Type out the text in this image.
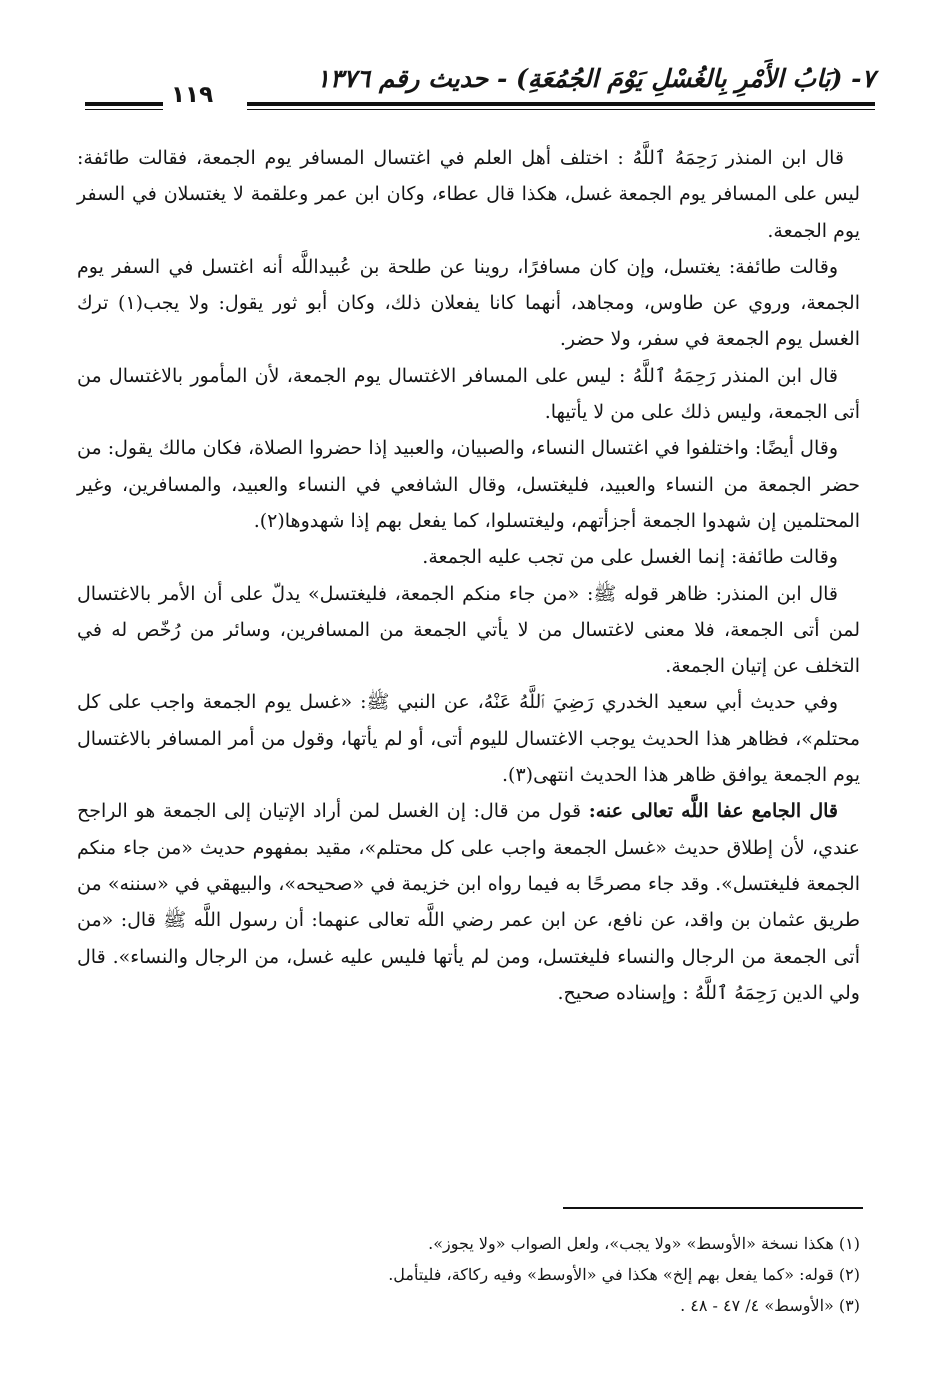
٧- (بَابُ الأَمْرِ بِالغُسْلِ يَوْمَ الجُمُعَةِ) - حديث رقم ١٣٧٦
١١٩

قال ابن المنذر رَحِمَهُ ٱللَّهُ : اختلف أهل العلم في اغتسال المسافر يوم الجمعة، فقالت طائفة: ليس على المسافر يوم الجمعة غسل، هكذا قال عطاء، وكان ابن عمر وعلقمة لا يغتسلان في السفر يوم الجمعة.

وقالت طائفة: يغتسل، وإن كان مسافرًا، روينا عن طلحة بن عُبيداللَّه أنه اغتسل في السفر يوم الجمعة، وروي عن طاوس، ومجاهد، أنهما كانا يفعلان ذلك، وكان أبو ثور يقول: ولا يجب(١) ترك الغسل يوم الجمعة في سفر، ولا حضر.

قال ابن المنذر رَحِمَهُ ٱللَّهُ : ليس على المسافر الاغتسال يوم الجمعة، لأن المأمور بالاغتسال من أتى الجمعة، وليس ذلك على من لا يأتيها.

وقال أيضًا: واختلفوا في اغتسال النساء، والصبيان، والعبيد إذا حضروا الصلاة، فكان مالك يقول: من حضر الجمعة من النساء والعبيد، فليغتسل، وقال الشافعي في النساء والعبيد، والمسافرين، وغير المحتلمين إن شهدوا الجمعة أجزأتهم، وليغتسلوا، كما يفعل بهم إذا شهدوها(٢).

وقالت طائفة: إنما الغسل على من تجب عليه الجمعة.

قال ابن المنذر: ظاهر قوله ﷺ: «من جاء منكم الجمعة، فليغتسل» يدلّ على أن الأمر بالاغتسال لمن أتى الجمعة، فلا معنى لاغتسال من لا يأتي الجمعة من المسافرين، وسائر من رُخّص له في التخلف عن إتيان الجمعة.

وفي حديث أبي سعيد الخدري رَضِيَ ٱللَّهُ عَنْهُ، عن النبي ﷺ: «غسل يوم الجمعة واجب على كل محتلم»، فظاهر هذا الحديث يوجب الاغتسال لليوم أتى، أو لم يأتها، وقول من أمر المسافر بالاغتسال يوم الجمعة يوافق ظاهر هذا الحديث انتهى(٣).

قال الجامع عفا اللَّه تعالى عنه: قول من قال: إن الغسل لمن أراد الإتيان إلى الجمعة هو الراجح عندي، لأن إطلاق حديث «غسل الجمعة واجب على كل محتلم»، مقيد بمفهوم حديث «من جاء منكم الجمعة فليغتسل». وقد جاء مصرحًا به فيما رواه ابن خزيمة في «صحيحه»، والبيهقي في «سننه» من طريق عثمان بن واقد، عن نافع، عن ابن عمر رضي اللَّه تعالى عنهما: أن رسول اللَّه ﷺ قال: «من أتى الجمعة من الرجال والنساء فليغتسل، ومن لم يأتها فليس عليه غسل، من الرجال والنساء». قال ولي الدين رَحِمَهُ ٱللَّهُ : وإسناده صحيح.

(١) هكذا نسخة «الأوسط» «ولا يجب»، ولعل الصواب «ولا يجوز».

(٢) قوله: «كما يفعل بهم إلخ» هكذا في «الأوسط» وفيه ركاكة، فليتأمل.

(٣) «الأوسط» ٤/ ٤٧ - ٤٨ .
